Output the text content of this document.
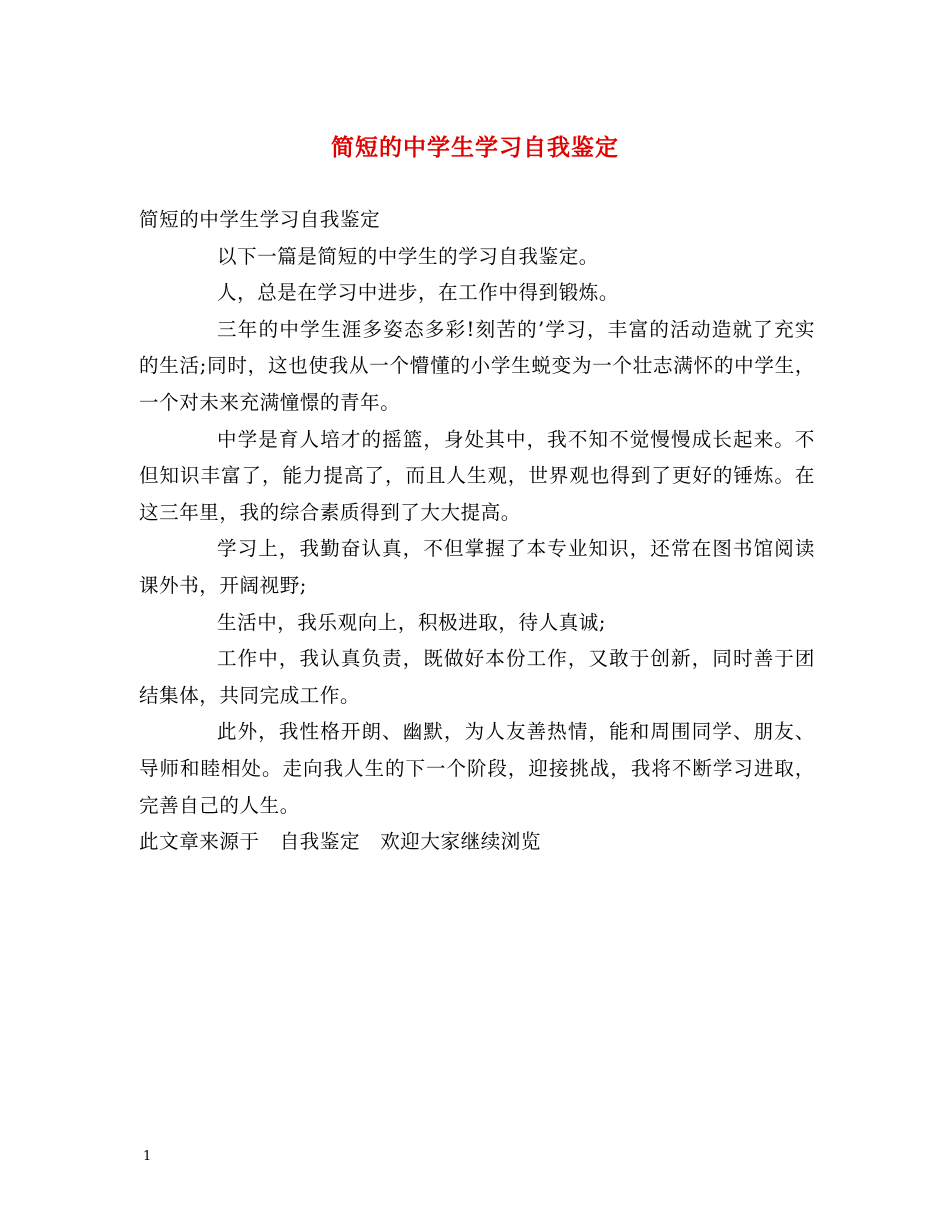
简短的中学生学习自我鉴定

简短的中学生学习自我鉴定

以下一篇是简短的中学生的学习自我鉴定。

人，总是在学习中进步，在工作中得到锻炼。

三年的中学生涯多姿态多彩!刻苦的’学习，丰富的活动造就了充实的生活;同时，这也使我从一个懵懂的小学生蜕变为一个壮志满怀的中学生，一个对未来充满憧憬的青年。

中学是育人培才的摇篮，身处其中，我不知不觉慢慢成长起来。不但知识丰富了，能力提高了，而且人生观，世界观也得到了更好的锤炼。在这三年里，我的综合素质得到了大大提高。

学习上，我勤奋认真，不但掌握了本专业知识，还常在图书馆阅读课外书，开阔视野;

生活中，我乐观向上，积极进取，待人真诚;

工作中，我认真负责，既做好本份工作，又敢于创新，同时善于团结集体，共同完成工作。

此外，我性格开朗、幽默，为人友善热情，能和周围同学、朋友、导师和睦相处。走向我人生的下一个阶段，迎接挑战，我将不断学习进取，完善自己的人生。

此文章来源于　自我鉴定　欢迎大家继续浏览

1
